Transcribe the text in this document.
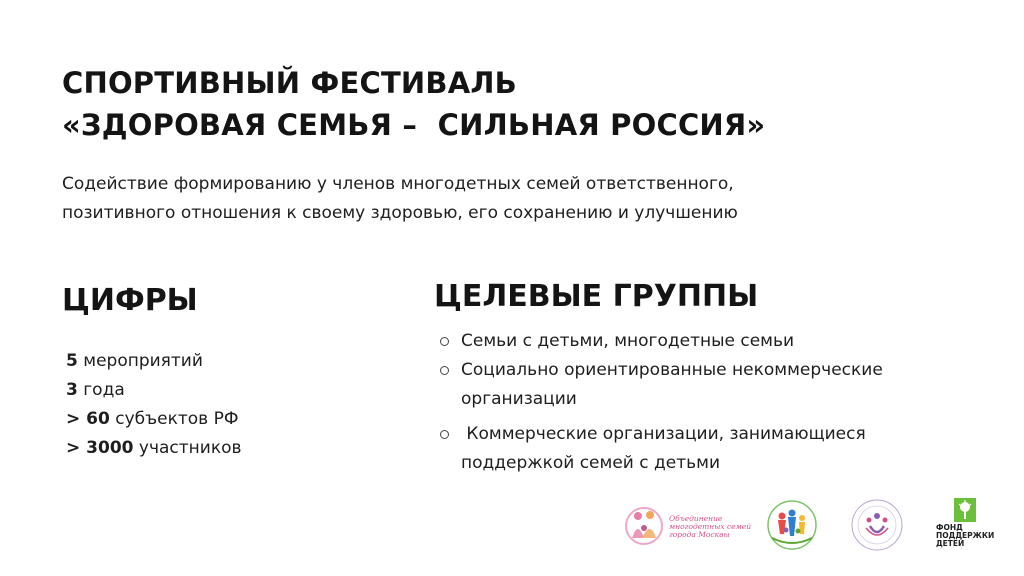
СПОРТИВНЫЙ ФЕСТИВАЛЬ
«ЗДОРОВАЯ СЕМЬЯ –  СИЛЬНАЯ РОССИЯ»
Содействие формированию у членов многодетных семей ответственного,
позитивного отношения к своему здоровью, его сохранению и улучшению
ЦИФРЫ	ЦЕЛЕВЫЕ ГРУППЫ
5 мероприятий
3 года
> 60 субъектов РФ
> 3000 участников
Семьи с детьми, многодетные семьи
Социально ориентированные некоммерческие
организации
Коммерческие организации, занимающиеся
поддержкой семей с детьми
Объединение
многодетных семей
города Москвы
ФОНД
ПОДДЕРЖКИ
ДЕТЕЙ
